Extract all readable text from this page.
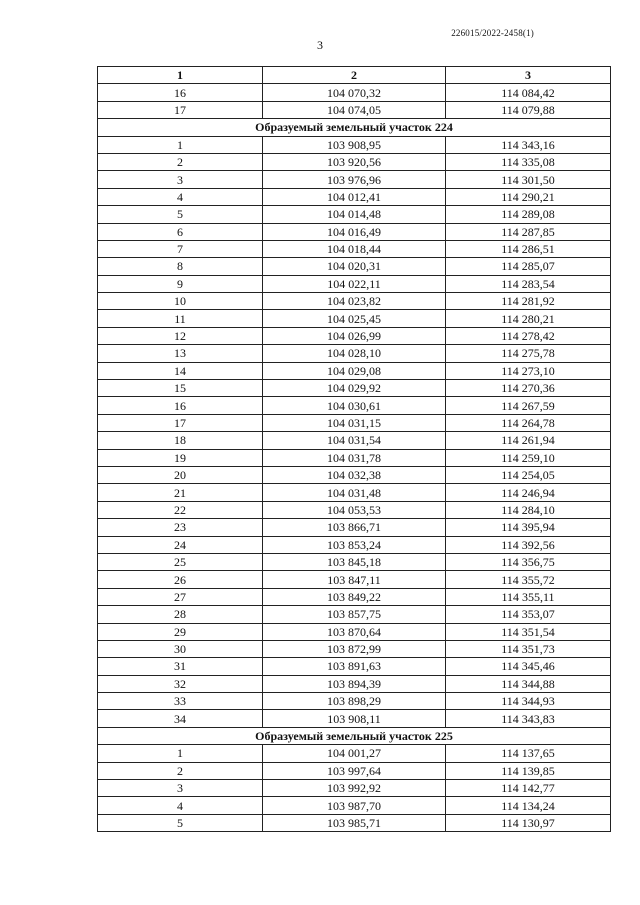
226015/2022-2458(1)
3
1	2	3
16	104 070,32	114 084,42
17	104 074,05	114 079,88
Образуемый земельный участок 224		
1	103 908,95	114 343,16
2	103 920,56	114 335,08
3	103 976,96	114 301,50
4	104 012,41	114 290,21
5	104 014,48	114 289,08
6	104 016,49	114 287,85
7	104 018,44	114 286,51
8	104 020,31	114 285,07
9	104 022,11	114 283,54
10	104 023,82	114 281,92
11	104 025,45	114 280,21
12	104 026,99	114 278,42
13	104 028,10	114 275,78
14	104 029,08	114 273,10
15	104 029,92	114 270,36
16	104 030,61	114 267,59
17	104 031,15	114 264,78
18	104 031,54	114 261,94
19	104 031,78	114 259,10
20	104 032,38	114 254,05
21	104 031,48	114 246,94
22	104 053,53	114 284,10
23	103 866,71	114 395,94
24	103 853,24	114 392,56
25	103 845,18	114 356,75
26	103 847,11	114 355,72
27	103 849,22	114 355,11
28	103 857,75	114 353,07
29	103 870,64	114 351,54
30	103 872,99	114 351,73
31	103 891,63	114 345,46
32	103 894,39	114 344,88
33	103 898,29	114 344,93
34	103 908,11	114 343,83
Образуемый земельный участок 225		
1	104 001,27	114 137,65
2	103 997,64	114 139,85
3	103 992,92	114 142,77
4	103 987,70	114 134,24
5	103 985,71	114 130,97
